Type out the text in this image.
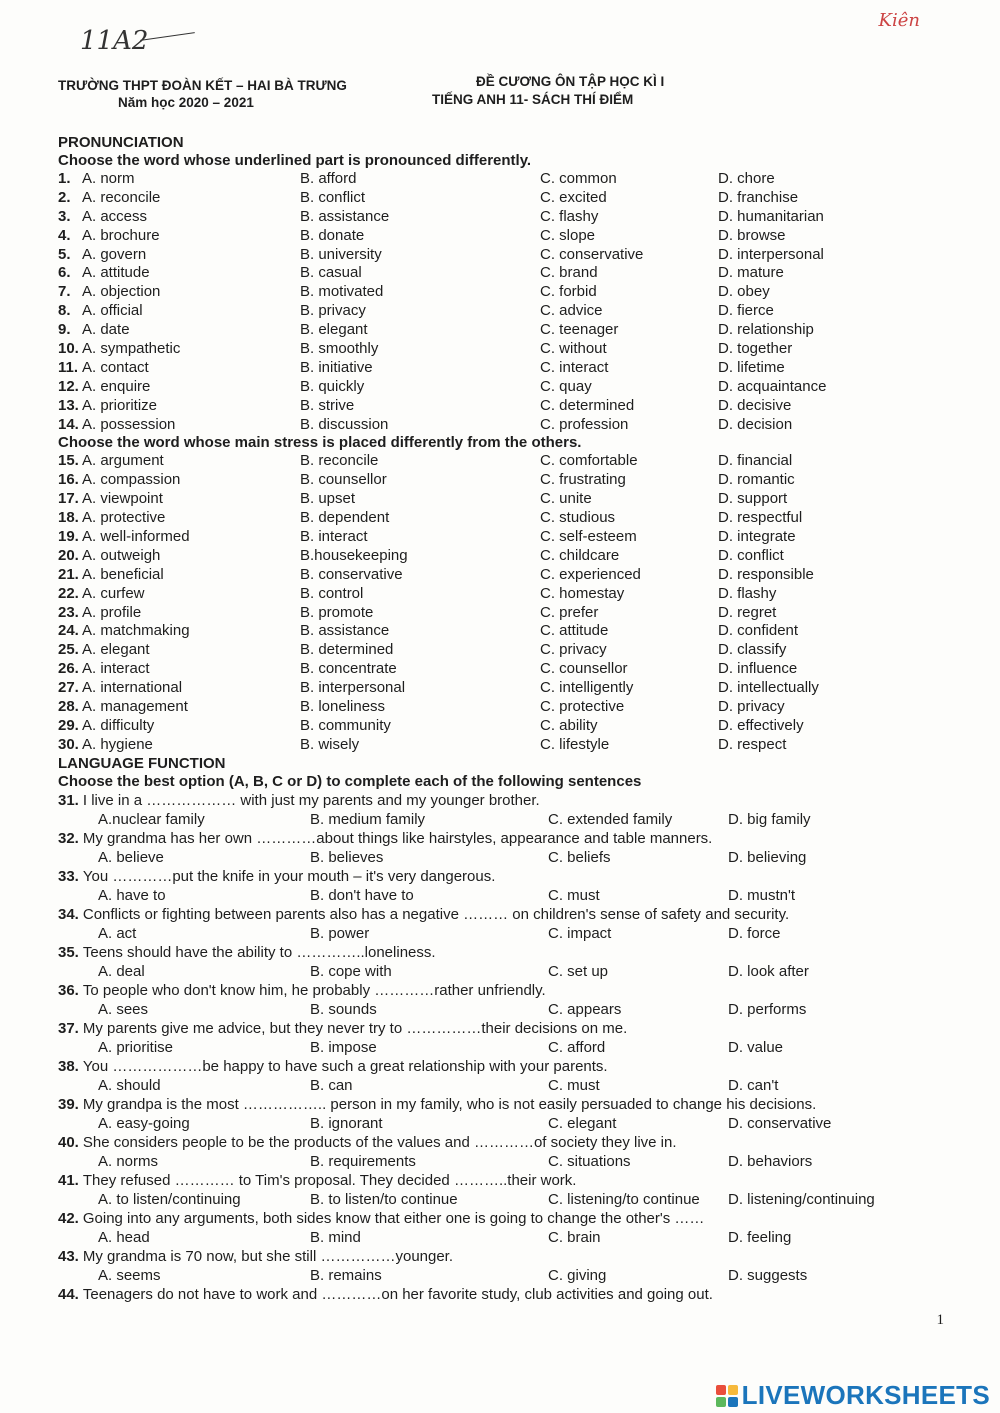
11A2
Kiên
TRƯỜNG THPT ĐOÀN KẾT – HAI BÀ TRƯNG
Năm học 2020 – 2021
ĐỀ CƯƠNG ÔN TẬP HỌC KÌ I
TIẾNG ANH 11- SÁCH THÍ ĐIỂM
PRONUNCIATION
Choose the word whose underlined part is pronounced differently.
1. A. norm	B. afford	C. common	D. chore
2. A. reconcile	B. conflict	C. excited	D. franchise
3. A. access	B. assistance	C. flashy	D. humanitarian
4. A. brochure	B. donate	C. slope	D. browse
5. A. govern	B. university	C. conservative	D. interpersonal
6. A. attitude	B. casual	C. brand	D. mature
7. A. objection	B. motivated	C. forbid	D. obey
8. A. official	B. privacy	C. advice	D. fierce
9. A. date	B. elegant	C. teenager	D. relationship
10. A. sympathetic	B. smoothly	C. without	D. together
11. A. contact	B. initiative	C. interact	D. lifetime
12. A. enquire	B. quickly	C. quay	D. acquaintance
13. A. prioritize	B. strive	C. determined	D. decisive
14. A. possession	B. discussion	C. profession	D. decision
Choose the word whose main stress is placed differently from the others.
15. A. argument	B. reconcile	C. comfortable	D. financial
16. A. compassion	B. counsellor	C. frustrating	D. romantic
17. A. viewpoint	B. upset	C. unite	D. support
18. A. protective	B. dependent	C. studious	D. respectful
19. A. well-informed	B. interact	C. self-esteem	D. integrate
20. A. outweigh	B.housekeeping	C. childcare	D. conflict
21. A. beneficial	B. conservative	C. experienced	D. responsible
22. A. curfew	B. control	C. homestay	D. flashy
23. A. profile	B. promote	C. prefer	D. regret
24. A. matchmaking	B. assistance	C. attitude	D. confident
25. A. elegant	B. determined	C. privacy	D. classify
26. A. interact	B. concentrate	C. counsellor	D. influence
27. A. international	B. interpersonal	C. intelligently	D. intellectually
28. A. management	B. loneliness	C. protective	D. privacy
29. A. difficulty	B. community	C. ability	D. effectively
30. A. hygiene	B. wisely	C. lifestyle	D. respect
LANGUAGE FUNCTION
Choose the best option (A, B, C or D) to complete each of the following sentences
31. I live in a ……………… with just my parents and my younger brother.
A.nuclear family	B. medium family	C. extended family	D. big family
32. My grandma has her own …………about things like hairstyles, appearance and table manners.
A. believe	B. believes	C. beliefs	D. believing
33. You …………put the knife in your mouth – it's very dangerous.
A. have to	B. don't have to	C. must	D. mustn't
34. Conflicts or fighting between parents also has a negative ……… on children's sense of safety and security.
A. act	B. power	C. impact	D. force
35. Teens should have the ability to …………..loneliness.
A. deal	B. cope with	C. set up	D. look after
36. To people who don't know him, he probably …………rather unfriendly.
A. sees	B. sounds	C. appears	D. performs
37. My parents give me advice, but they never try to ……………their decisions on me.
A. prioritise	B. impose	C. afford	D. value
38. You ………………be happy to have such a great relationship with your parents.
A. should	B. can	C. must	D. can't
39. My grandpa is the most …………….. person in my family, who is not easily persuaded to change his decisions.
A. easy-going	B. ignorant	C. elegant	D. conservative
40. She considers people to be the products of the values and …………of society they live in.
A. norms	B. requirements	C. situations	D. behaviors
41. They refused ………… to Tim's proposal. They decided ………..their work.
A. to listen/continuing	B. to listen/to continue	C. listening/to continue D. listening/continuing
42. Going into any arguments, both sides know that either one is going to change the other's ……
A. head	B. mind	C. brain	D. feeling
43. My grandma is 70 now, but she still ……………younger.
A. seems	B. remains	C. giving	D. suggests
44. Teenagers do not have to work and …………on her favorite study, club activities and going out.
1
LIVEWORKSHEETS
